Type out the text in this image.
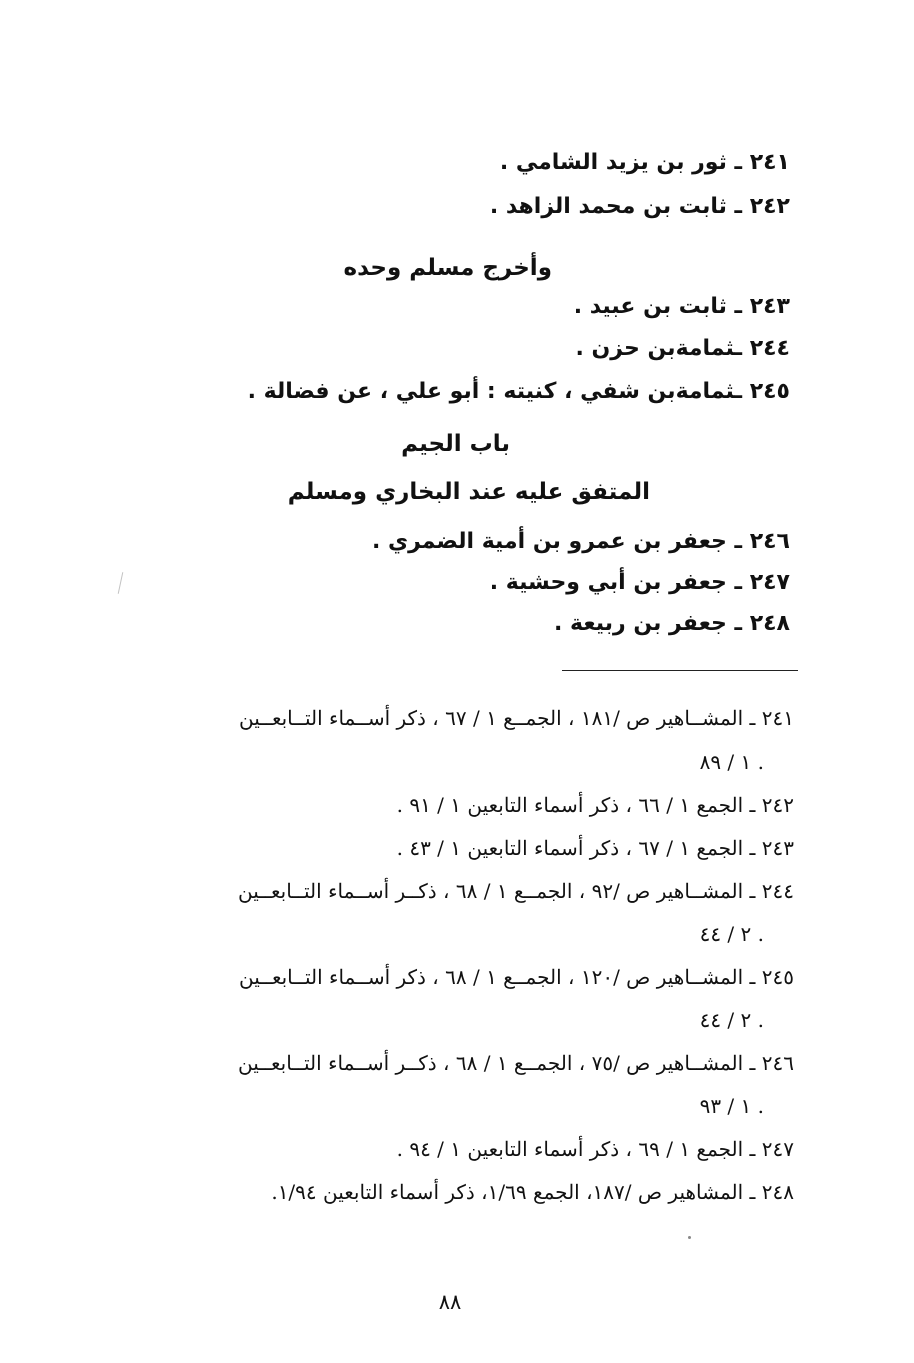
٢٤١ ـ ثور بن يزيد الشامي .
٢٤٢ ـ ثابت بن محمد الزاهد .
وأخرج مسلم وحده
٢٤٣ ـ ثابت بن عبيد .
٢٤٤ ـثمامةبن حزن .
٢٤٥ ـثمامةبن شفي ، كنيته : أبو علي ، عن فضالة .
باب الجيم
المتفق عليه عند البخاري ومسلم
٢٤٦ ـ جعفر بن عمرو بن أمية الضمري .
٢٤٧ ـ جعفر بن أبي وحشية .
٢٤٨ ـ جعفر بن ربيعة .
٢٤١ ـ المشــاهير ص /١٨١ ، الجمــع ١ / ٦٧ ، ذكر أســماء التــابعــين
١ / ٨٩ .
٢٤٢ ـ الجمع ١ / ٦٦ ، ذكر أسماء التابعين ١ / ٩١ .
٢٤٣ ـ الجمع ١ / ٦٧ ، ذكر أسماء التابعين ١ / ٤٣ .
٢٤٤ ـ المشــاهير ص /٩٢ ، الجمــع ١ / ٦٨ ، ذكــر أســماء التــابعــين
٢ / ٤٤ .
٢٤٥ ـ المشــاهير ص /١٢٠ ، الجمــع ١ / ٦٨ ، ذكر أســماء التــابعــين
٢ / ٤٤ .
٢٤٦ ـ المشــاهير ص /٧٥ ، الجمــع ١ / ٦٨ ، ذكــر أســماء التــابعــين
١ / ٩٣ .
٢٤٧ ـ الجمع ١ / ٦٩ ، ذكر أسماء التابعين ١ / ٩٤ .
٢٤٨ ـ المشاهير ص /١٨٧، الجمع ١/٦٩، ذكر أسماء التابعين ١/٩٤.
٨٨
